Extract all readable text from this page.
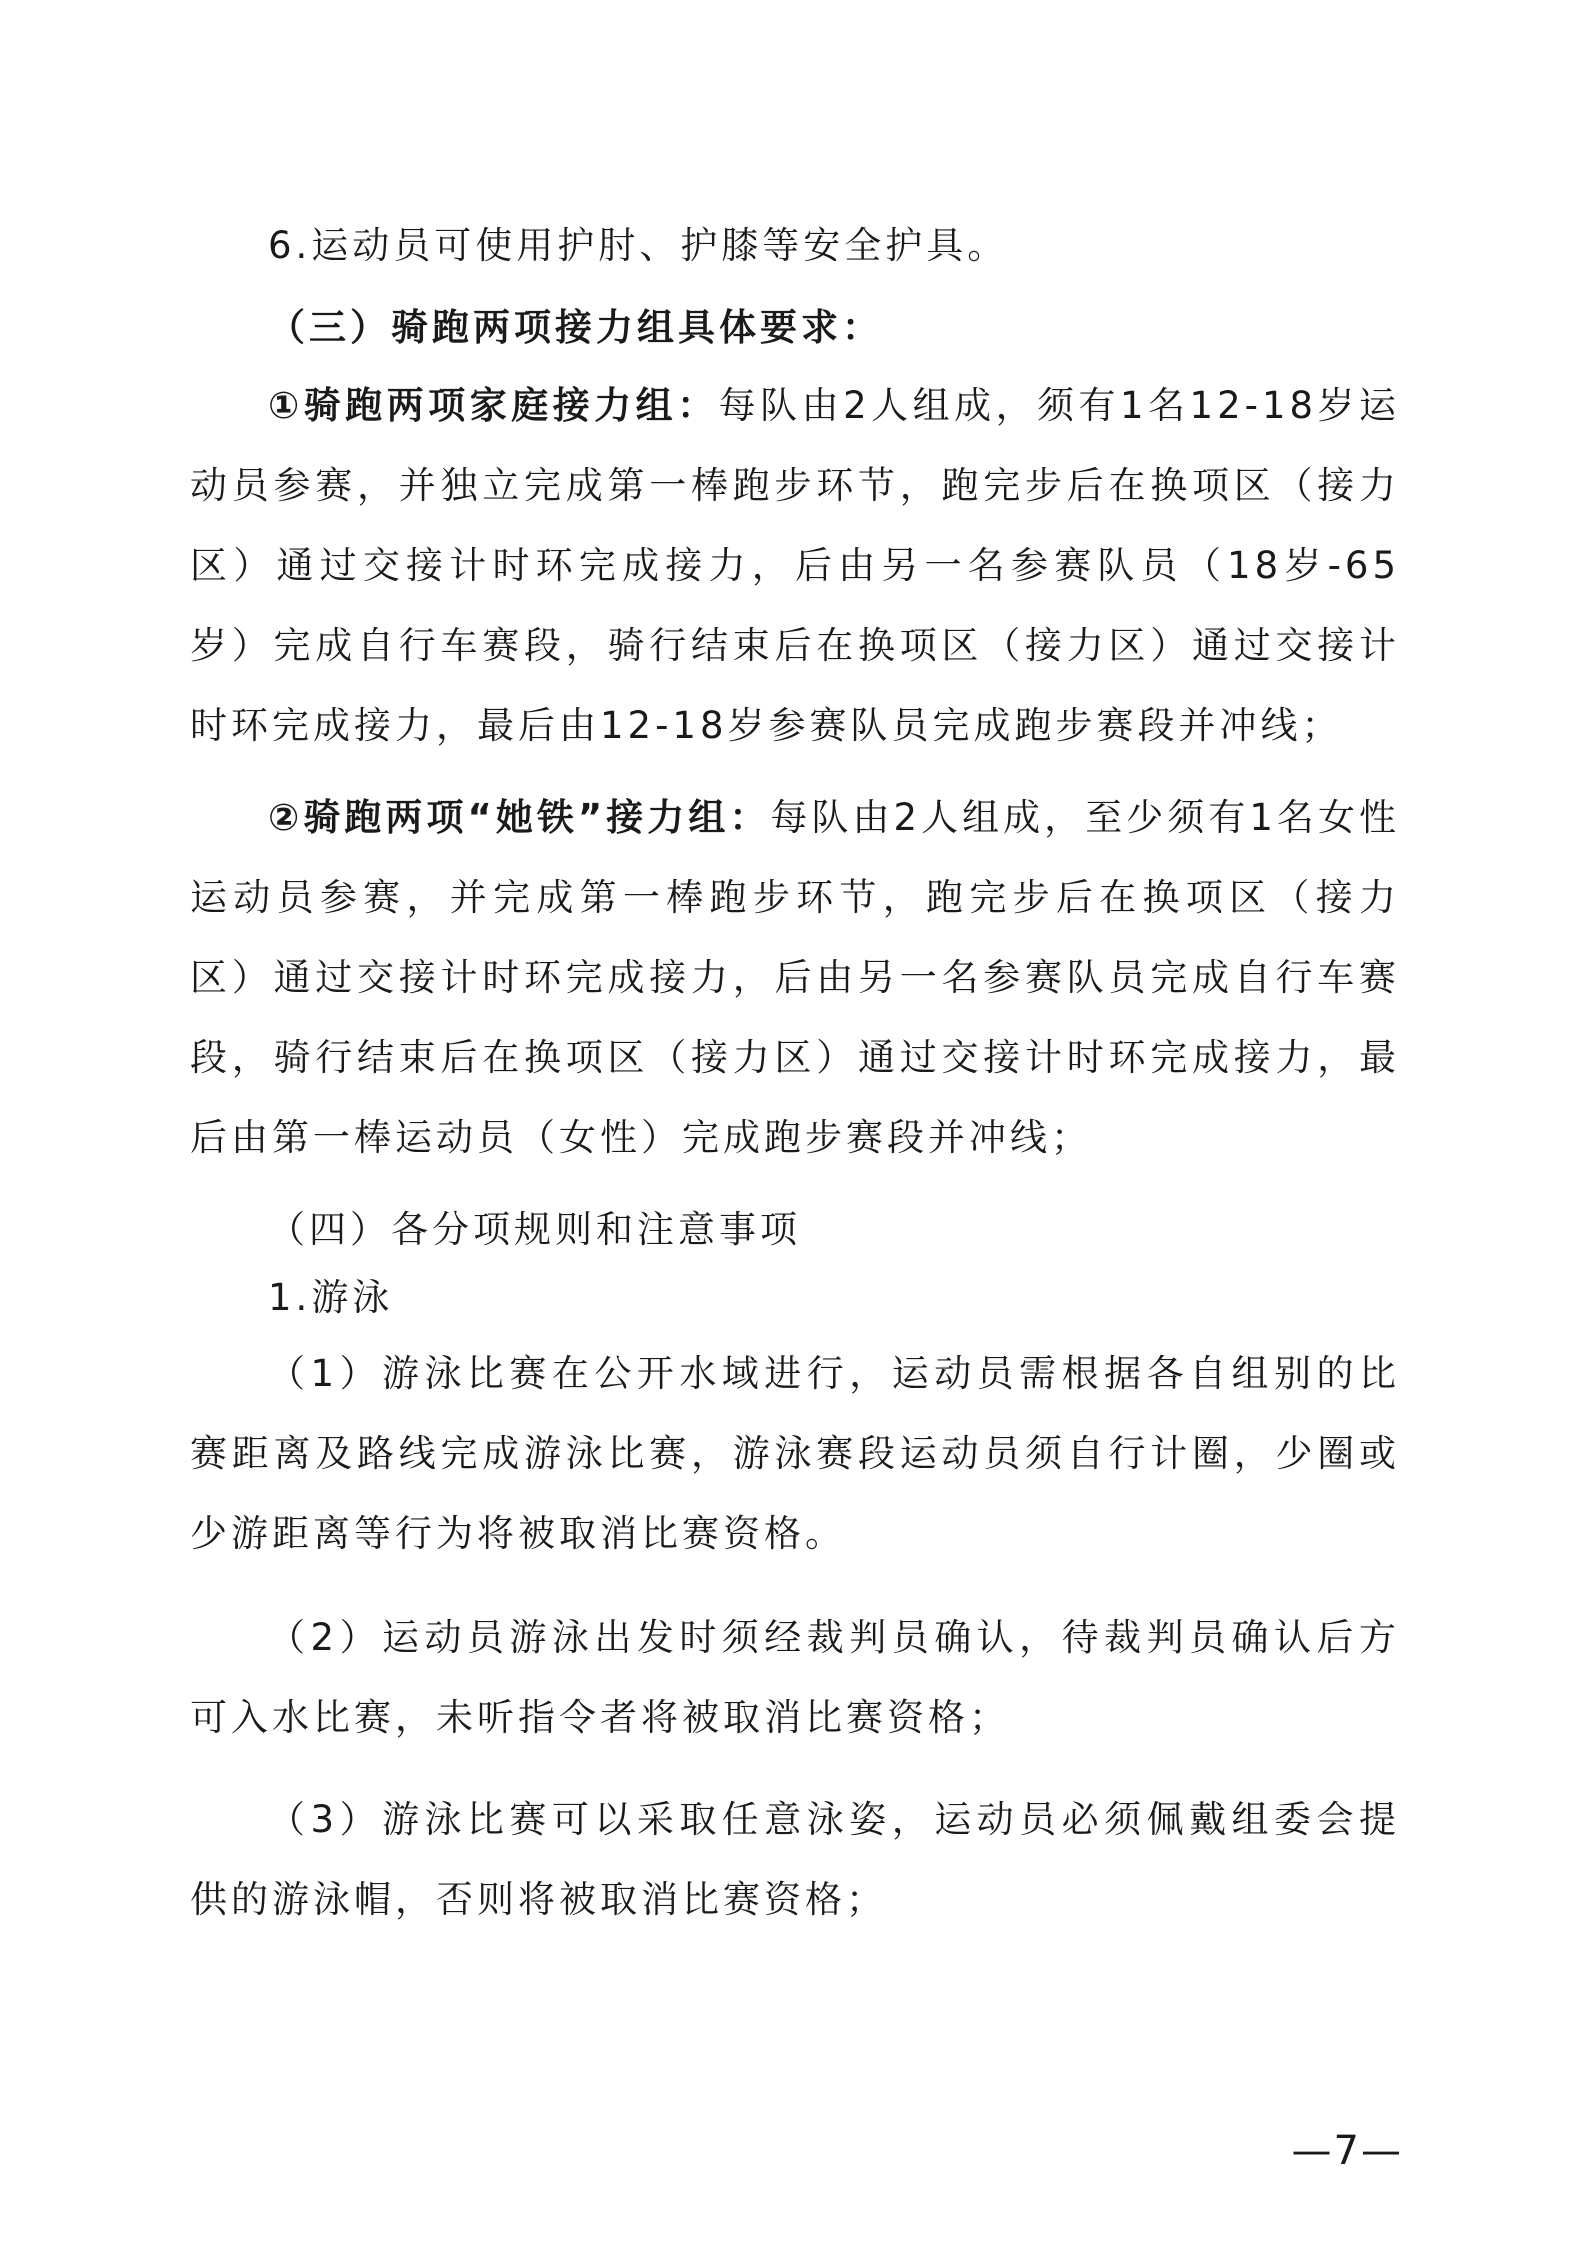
6.运动员可使用护肘、护膝等安全护具。

（三）骑跑两项接力组具体要求：

①骑跑两项家庭接力组：每队由2人组成，须有1名12-18岁运动员参赛，并独立完成第一棒跑步环节，跑完步后在换项区（接力区）通过交接计时环完成接力，后由另一名参赛队员（18岁-65岁）完成自行车赛段，骑行结束后在换项区（接力区）通过交接计时环完成接力，最后由12-18岁参赛队员完成跑步赛段并冲线；

②骑跑两项“她铁”接力组：每队由2人组成，至少须有1名女性运动员参赛，并完成第一棒跑步环节，跑完步后在换项区（接力区）通过交接计时环完成接力，后由另一名参赛队员完成自行车赛段，骑行结束后在换项区（接力区）通过交接计时环完成接力，最后由第一棒运动员（女性）完成跑步赛段并冲线；

（四）各分项规则和注意事项

1.游泳

（1）游泳比赛在公开水域进行，运动员需根据各自组别的比赛距离及路线完成游泳比赛，游泳赛段运动员须自行计圈，少圈或少游距离等行为将被取消比赛资格。

（2）运动员游泳出发时须经裁判员确认，待裁判员确认后方可入水比赛，未听指令者将被取消比赛资格；

（3）游泳比赛可以采取任意泳姿，运动员必须佩戴组委会提供的游泳帽，否则将被取消比赛资格；

—7—
